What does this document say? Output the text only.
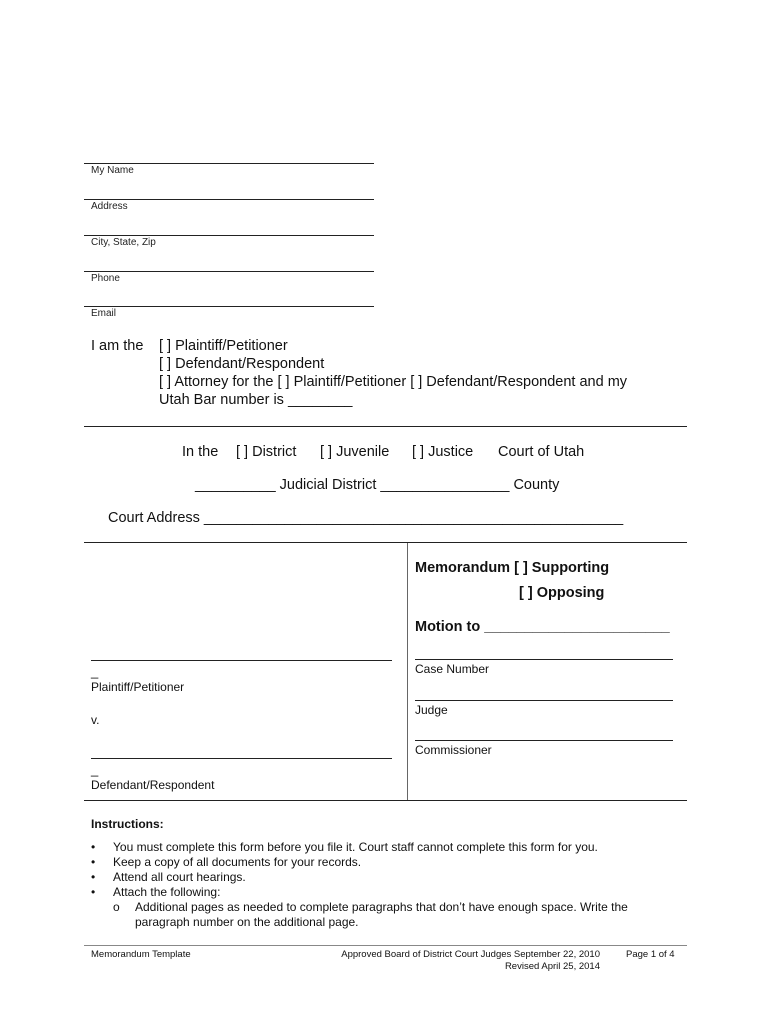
My Name
Address
City, State, Zip
Phone
Email
I am the [ ] Plaintiff/Petitioner
[ ] Defendant/Respondent
[ ] Attorney for the [ ] Plaintiff/Petitioner [ ] Defendant/Respondent and my
Utah Bar number is ________
In the [ ] District [ ] Juvenile [ ] Justice Court of Utah
__________ Judicial District ________________ County
Court Address ____________________________________________________
_
Plaintiff/Petitioner
v.
_
Defendant/Respondent
Memorandum [ ] Supporting
[ ] Opposing
Motion to _______________________
Case Number
Judge
Commissioner
Instructions:
• You must complete this form before you file it. Court staff cannot complete this form for you.
• Keep a copy of all documents for your records.
• Attend all court hearings.
• Attach the following:
o Additional pages as needed to complete paragraphs that don’t have enough space. Write the paragraph number on the additional page.
Memorandum Template	Approved Board of District Court Judges September 22, 2010
Revised April 25, 2014
Page 1 of 4
